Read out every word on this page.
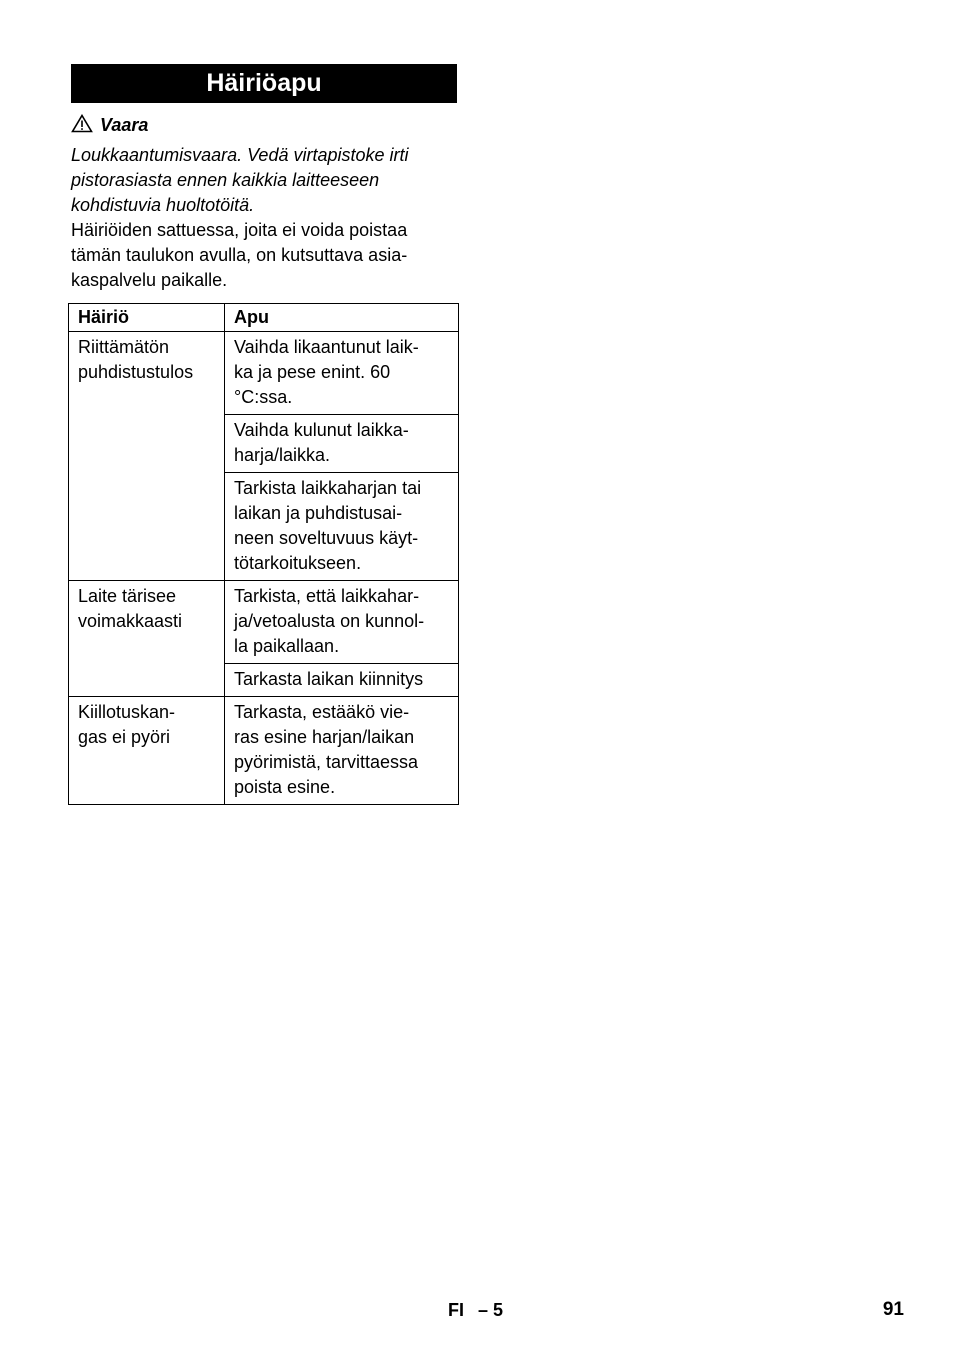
Häiriöapu
Vaara
Loukkaantumisvaara. Vedä virtapistoke irti
pistorasiasta ennen kaikkia laitteeseen
kohdistuvia huoltotöitä.
Häiriöiden sattuessa, joita ei voida poistaa
tämän taulukon avulla, on kutsuttava asia-
kaspalvelu paikalle.
Häiriö	Apu

Riittämätön
puhdistustulos	Vaihda likaantunut laik-
ka ja pese enint. 60
°C:ssa.

	Vaihda kulunut laikka-
harja/laikka.

	Tarkista laikkaharjan tai
laikan ja puhdistusai-
neen soveltuvuus käyt-
tötarkoitukseen.

Laite tärisee
voimakkaasti	Tarkista, että laikkahar-
ja/vetoalusta on kunnol-
la paikallaan.

	Tarkasta laikan kiinnitys

Kiillotuskan-
gas ei pyöri	Tarkasta, estääkö vie-
ras esine harjan/laikan
pyörimistä, tarvittaessa
poista esine.
FI – 5	91
